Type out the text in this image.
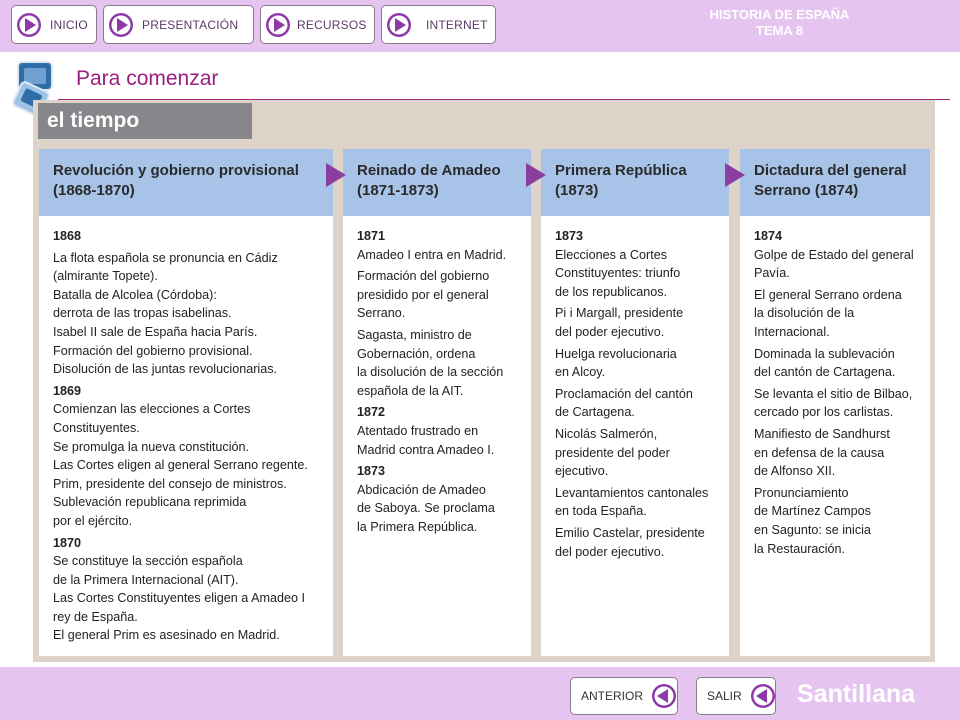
INICIO	PRESENTACIÓN	RECURSOS	INTERNET
HISTORIA DE ESPAÑA
TEMA 8
Para comenzar
el tiempo
Revolución y gobierno provisional
(1868-1870)

1868

La flota española se pronuncia en Cádiz

(almirante Topete).

Batalla de Alcolea (Córdoba):

derrota de las tropas isabelinas.

Isabel II sale de España hacia París.

Formación del gobierno provisional.

Disolución de las juntas revolucionarias.

1869

Comienzan las elecciones a Cortes

Constituyentes.

Se promulga la nueva constitución.

Las Cortes eligen al general Serrano regente.

Prim, presidente del consejo de ministros.

Sublevación republicana reprimida

por el ejército.

1870

Se constituye la sección española

de la Primera Internacional (AIT).

Las Cortes Constituyentes eligen a Amadeo I

rey de España.

El general Prim es asesinado en Madrid.

Reinado de Amadeo
(1871-1873)

1871

Amadeo I entra en Madrid.

Formación del gobierno

presidido por el general

Serrano.

Sagasta, ministro de

Gobernación, ordena

la disolución de la sección

española de la AIT.

1872

Atentado frustrado en

Madrid contra Amadeo I.

1873

Abdicación de Amadeo

de Saboya. Se proclama

la Primera República.

Primera República
(1873)

1873

Elecciones a Cortes

Constituyentes: triunfo

de los republicanos.

Pi i Margall, presidente

del poder ejecutivo.

Huelga revolucionaria

en Alcoy.

Proclamación del cantón

de Cartagena.

Nicolás Salmerón,

presidente del poder

ejecutivo.

Levantamientos cantonales

en toda España.

Emilio Castelar, presidente

del poder ejecutivo.

Dictadura del general
Serrano (1874)

1874

Golpe de Estado del general

Pavía.

El general Serrano ordena

la disolución de la

Internacional.

Dominada la sublevación

del cantón de Cartagena.

Se levanta el sitio de Bilbao,

cercado por los carlistas.

Manifiesto de Sandhurst

en defensa de la causa

de Alfonso XII.

Pronunciamiento

de Martínez Campos

en Sagunto: se inicia

la Restauración.

ANTERIOR	SALIR Santillana
